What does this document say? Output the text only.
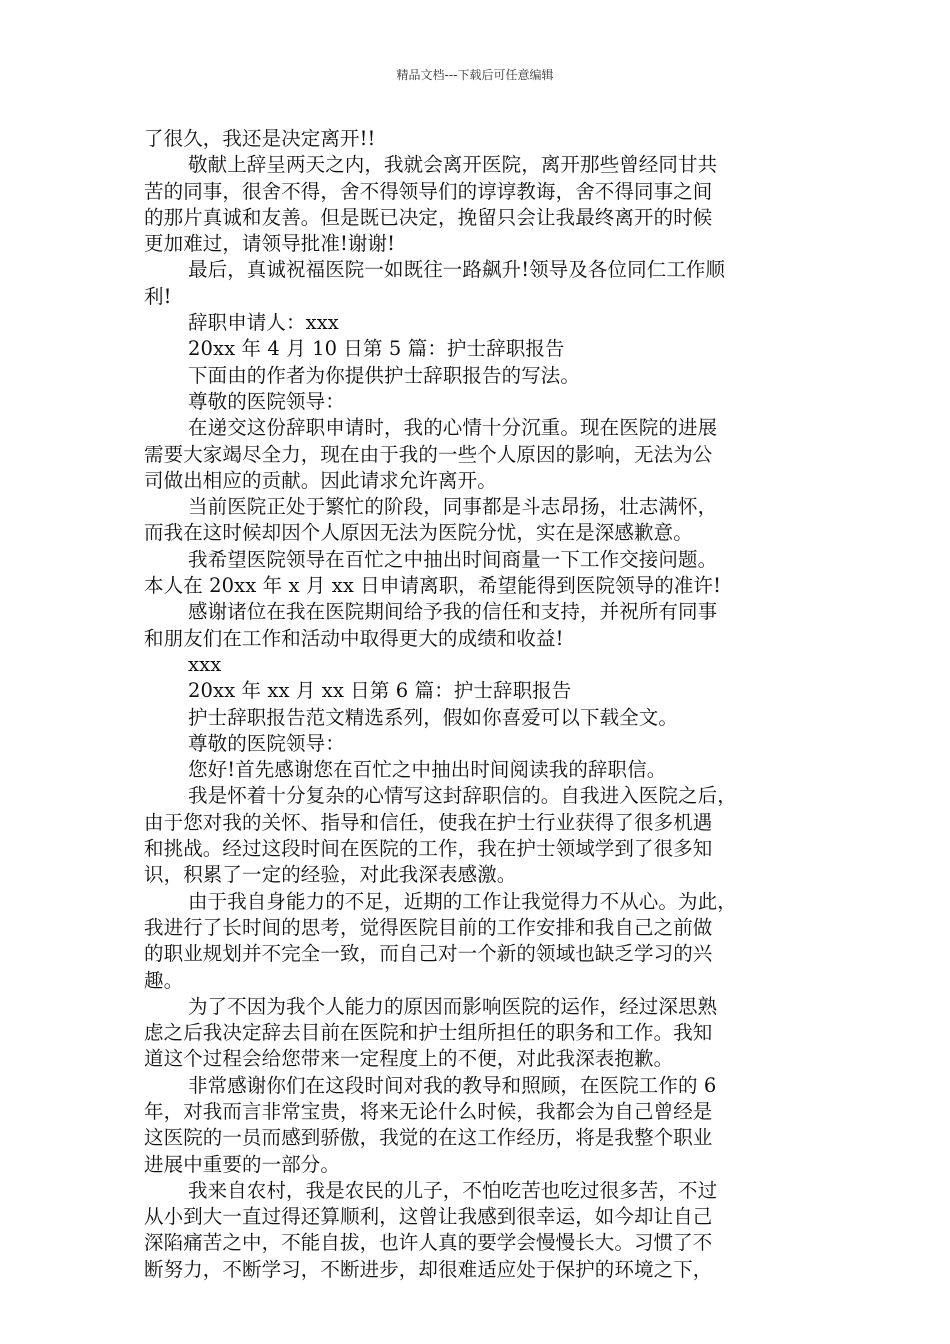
精品文档---下载后可任意编辑
了很久，我还是决定离开!!
敬献上辞呈两天之内，我就会离开医院，离开那些曾经同甘共
苦的同事，很舍不得，舍不得领导们的谆谆教诲，舍不得同事之间
的那片真诚和友善。但是既已决定，挽留只会让我最终离开的时候
更加难过，请领导批准!谢谢!
最后，真诚祝福医院一如既往一路飙升!领导及各位同仁工作顺
利!
辞职申请人：xxx
20xx 年 4 月 10 日第 5 篇：护士辞职报告
下面由的作者为你提供护士辞职报告的写法。
尊敬的医院领导：
在递交这份辞职申请时，我的心情十分沉重。现在医院的进展
需要大家竭尽全力，现在由于我的一些个人原因的影响，无法为公
司做出相应的贡献。因此请求允许离开。
当前医院正处于繁忙的阶段，同事都是斗志昂扬，壮志满怀，
而我在这时候却因个人原因无法为医院分忧，实在是深感歉意。
我希望医院领导在百忙之中抽出时间商量一下工作交接问题。
本人在 20xx 年 x 月 xx 日申请离职，希望能得到医院领导的准许!
感谢诸位在我在医院期间给予我的信任和支持，并祝所有同事
和朋友们在工作和活动中取得更大的成绩和收益!
xxx
20xx 年 xx 月 xx 日第 6 篇：护士辞职报告
护士辞职报告范文精选系列，假如你喜爱可以下载全文。
尊敬的医院领导：
您好!首先感谢您在百忙之中抽出时间阅读我的辞职信。
我是怀着十分复杂的心情写这封辞职信的。自我进入医院之后，
由于您对我的关怀、指导和信任，使我在护士行业获得了很多机遇
和挑战。经过这段时间在医院的工作，我在护士领域学到了很多知
识，积累了一定的经验，对此我深表感激。
由于我自身能力的不足，近期的工作让我觉得力不从心。为此，
我进行了长时间的思考，觉得医院目前的工作安排和我自己之前做
的职业规划并不完全一致，而自己对一个新的领域也缺乏学习的兴
趣。
为了不因为我个人能力的原因而影响医院的运作，经过深思熟
虑之后我决定辞去目前在医院和护士组所担任的职务和工作。我知
道这个过程会给您带来一定程度上的不便，对此我深表抱歉。
非常感谢你们在这段时间对我的教导和照顾，在医院工作的 6
年，对我而言非常宝贵，将来无论什么时候，我都会为自己曾经是
这医院的一员而感到骄傲，我觉的在这工作经历，将是我整个职业
进展中重要的一部分。
我来自农村，我是农民的儿子，不怕吃苦也吃过很多苦，不过
从小到大一直过得还算顺利，这曾让我感到很幸运，如今却让自己
深陷痛苦之中，不能自拔，也许人真的要学会慢慢长大。习惯了不
断努力，不断学习，不断进步，却很难适应处于保护的环境之下，
